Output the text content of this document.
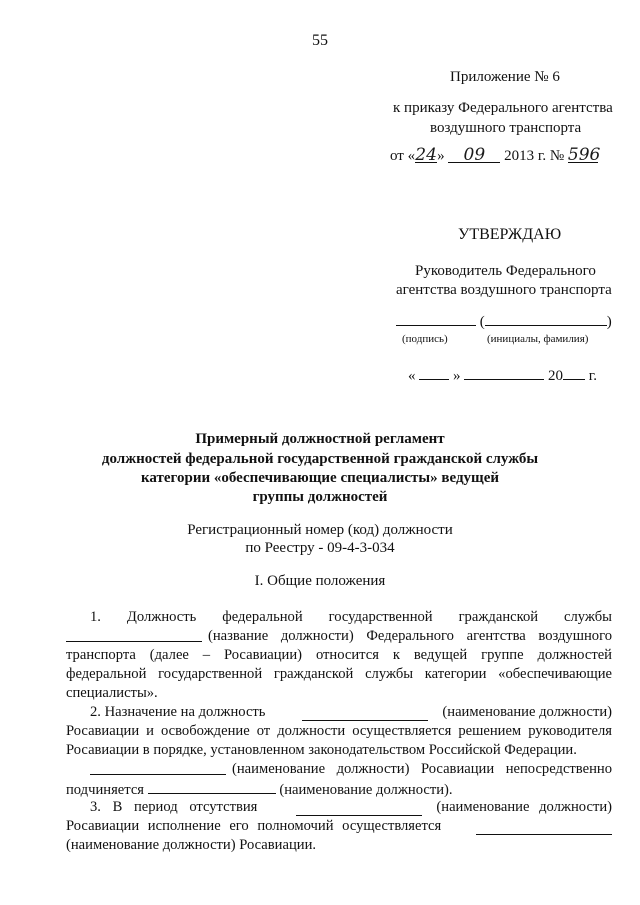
55
Приложение № 6
к приказу Федерального агентства
воздушного транспорта
от «24» 09 2013 г. № 596
УТВЕРЖДАЮ
Руководитель Федерального
агентства воздушного транспорта
(	)
(подпись)	(инициалы, фамилия)
«	»	20 г.
Примерный должностной регламент
должностей федеральной государственной гражданской службы
категории «обеспечивающие специалисты» ведущей
группы должностей
Регистрационный номер (код) должности
по Реестру - 09-4-3-034
I. Общие положения
1. Должность федеральной государственной гражданской службы
(название должности) Федерального агентства воздушного
транспорта (далее – Росавиации) относится к ведущей группе должностей
федеральной государственной гражданской службы категории «обеспечивающие
специалисты».
2. Назначение на должность	(наименование должности)
Росавиации и освобождение от должности осуществляется решением руководителя
Росавиации в порядке, установленном законодательством Российской Федерации.
(наименование должности) Росавиации непосредственно
подчиняется	(наименование должности).
3. В период отсутствия	(наименование должности)
Росавиации исполнение его полномочий осуществляется
(наименование должности) Росавиации.
